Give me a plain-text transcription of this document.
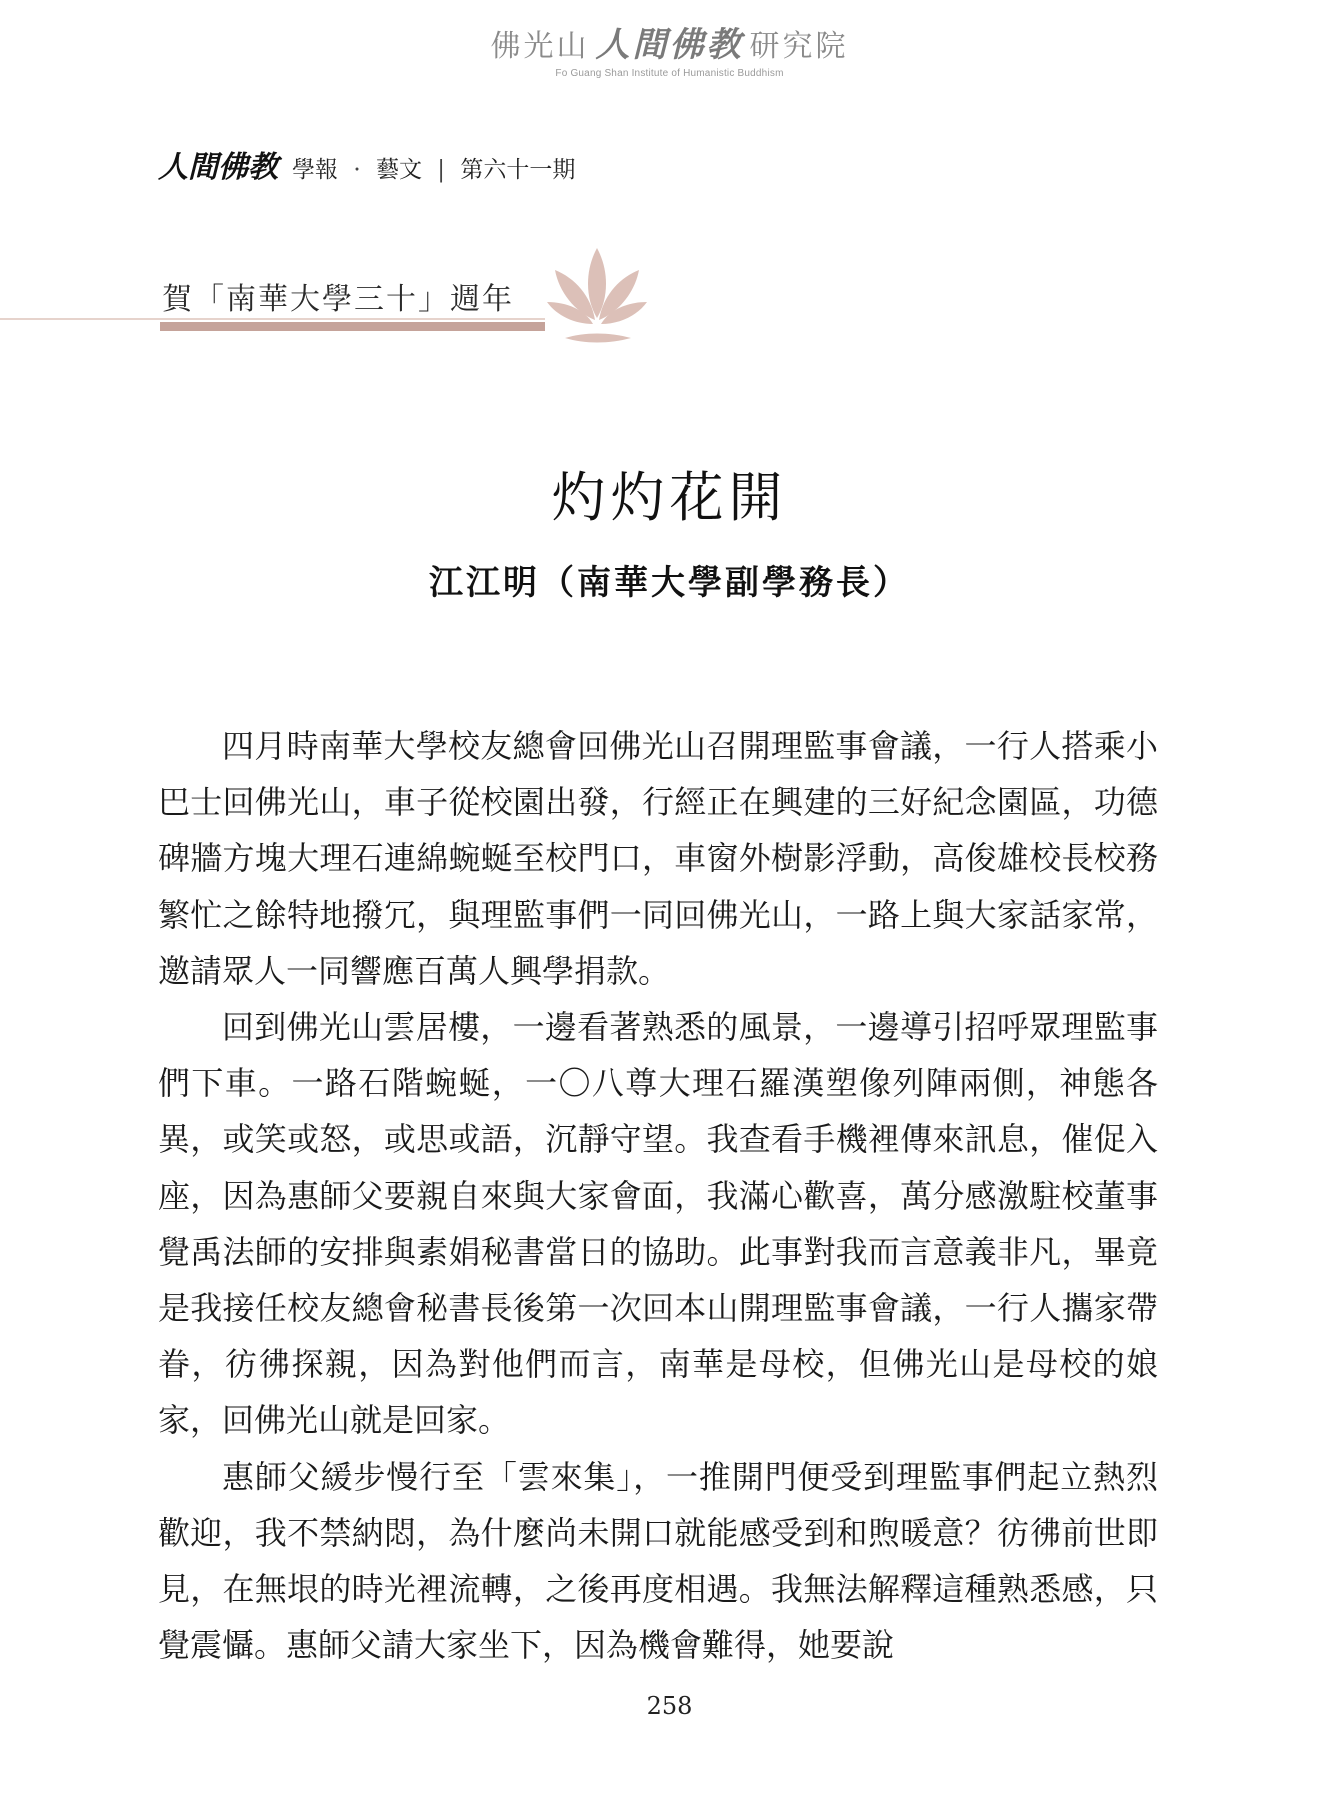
佛光山 人間佛教 研究院
Fo Guang Shan Institute of Humanistic Buddhism
人間佛教 學報 · 藝文 | 第六十一期
賀「南華大學三十」週年
灼灼花開
江江明（南華大學副學務長）

四月時南華大學校友總會回佛光山召開理監事會議，一行人搭乘小巴士回佛光山，車子從校園出發，行經正在興建的三好紀念園區，功德碑牆方塊大理石連綿蜿蜒至校門口，車窗外樹影浮動，高俊雄校長校務繁忙之餘特地撥冗，與理監事們一同回佛光山，一路上與大家話家常，邀請眾人一同響應百萬人興學捐款。

回到佛光山雲居樓，一邊看著熟悉的風景，一邊導引招呼眾理監事們下車。一路石階蜿蜒，一〇八尊大理石羅漢塑像列陣兩側，神態各異，或笑或怒，或思或語，沉靜守望。我查看手機裡傳來訊息，催促入座，因為惠師父要親自來與大家會面，我滿心歡喜，萬分感激駐校董事覺禹法師的安排與素娟秘書當日的協助。此事對我而言意義非凡，畢竟是我接任校友總會秘書長後第一次回本山開理監事會議，一行人攜家帶眷，彷彿探親，因為對他們而言，南華是母校，但佛光山是母校的娘家，回佛光山就是回家。

惠師父緩步慢行至「雲來集」，一推開門便受到理監事們起立熱烈歡迎，我不禁納悶，為什麼尚未開口就能感受到和煦暖意？彷彿前世即見，在無垠的時光裡流轉，之後再度相遇。我無法解釋這種熟悉感，只覺震懾。惠師父請大家坐下，因為機會難得，她要說

258
